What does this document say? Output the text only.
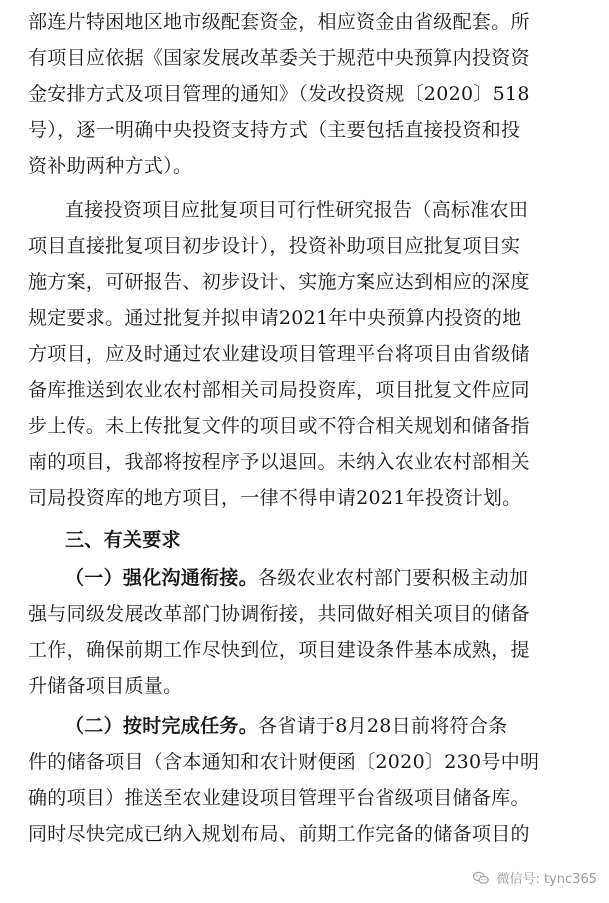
部连片特困地区地市级配套资金，相应资金由省级配套。所
有项目应依据《国家发展改革委关于规范中央预算内投资资
金安排方式及项目管理的通知》（发改投资规〔2020〕518
号），逐一明确中央投资支持方式（主要包括直接投资和投
资补助两种方式）。
直接投资项目应批复项目可行性研究报告（高标准农田
项目直接批复项目初步设计），投资补助项目应批复项目实
施方案，可研报告、初步设计、实施方案应达到相应的深度
规定要求。通过批复并拟申请2021年中央预算内投资的地
方项目，应及时通过农业建设项目管理平台将项目由省级储
备库推送到农业农村部相关司局投资库，项目批复文件应同
步上传。未上传批复文件的项目或不符合相关规划和储备指
南的项目，我部将按程序予以退回。未纳入农业农村部相关
司局投资库的地方项目，一律不得申请2021年投资计划。
三、有关要求
（一）强化沟通衔接。各级农业农村部门要积极主动加
强与同级发展改革部门协调衔接，共同做好相关项目的储备
工作，确保前期工作尽快到位，项目建设条件基本成熟，提
升储备项目质量。
（二）按时完成任务。各省请于8月28日前将符合条
件的储备项目（含本通知和农计财便函〔2020〕230号中明
确的项目）推送至农业建设项目管理平台省级项目储备库。
同时尽快完成已纳入规划布局、前期工作完备的储备项目的
微信号: tync365
